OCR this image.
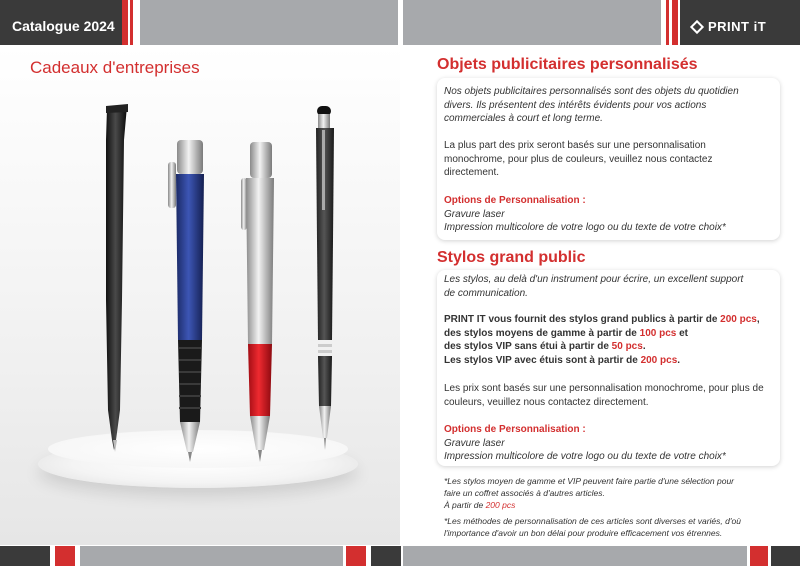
Catalogue 2024	PRINT iT
Cadeaux d'entreprises	Objets publicitaires personnalisés
Nos objets publicitaires personnalisés sont des objets du quotidien
divers. Ils présentent des intérêts évidents pour vos actions
commerciales à court et long terme.
La plus part des prix seront basés sur une personnalisation
monochrome, pour plus de couleurs, veuillez nous contactez
directement.
Options de Personnalisation :
Gravure laser
Impression multicolore de votre logo ou du texte de votre choix*
Stylos grand public
Les stylos, au delà d'un instrument pour écrire, un excellent support
de communication.
PRINT IT vous fournit des stylos grand publics à partir de 200 pcs,
des stylos moyens de gamme à partir de 100 pcs et
des stylos VIP sans étui à partir de 50 pcs.
Les stylos VIP avec étuis sont à partir de 200 pcs.
Les prix sont basés sur une personnalisation monochrome, pour plus de
couleurs, veuillez nous contactez directement.
Options de Personnalisation :
Gravure laser
Impression multicolore de votre logo ou du texte de votre choix*
*Les stylos moyen de gamme et VIP peuvent faire partie d'une sélection pour
faire un coffret associés à d'autres articles.
À partir de 200 pcs
*Les méthodes de personnalisation de ces articles sont diverses et variés, d'où
l'importance d'avoir un bon délai pour produire efficacement vos étrennes.
